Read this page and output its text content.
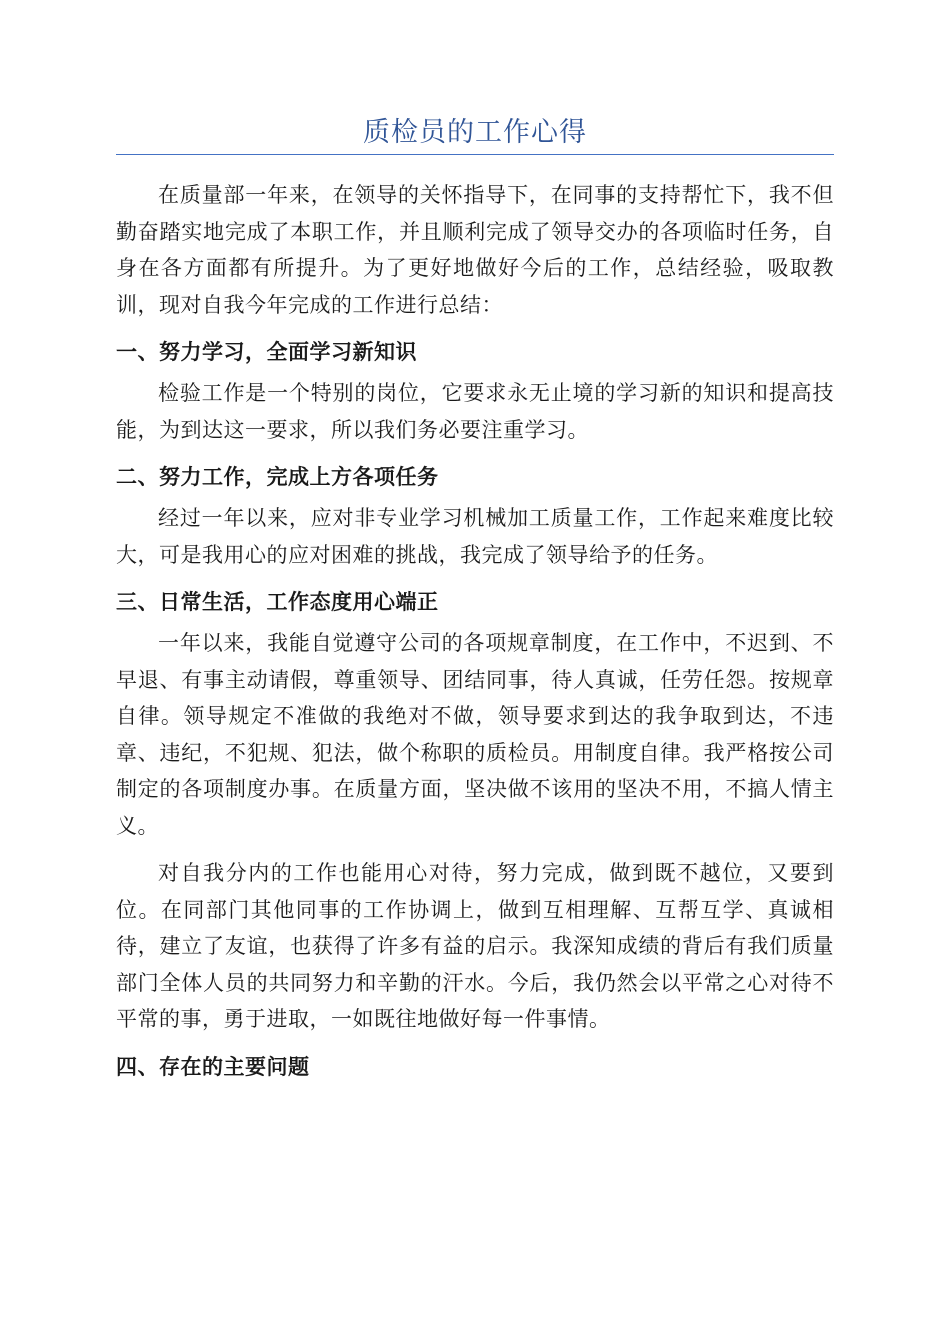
质检员的工作心得

在质量部一年来，在领导的关怀指导下，在同事的支持帮忙下，我不但勤奋踏实地完成了本职工作，并且顺利完成了领导交办的各项临时任务，自身在各方面都有所提升。为了更好地做好今后的工作，总结经验，吸取教训，现对自我今年完成的工作进行总结：

一、努力学习，全面学习新知识

检验工作是一个特别的岗位，它要求永无止境的学习新的知识和提高技能，为到达这一要求，所以我们务必要注重学习。

二、努力工作，完成上方各项任务

经过一年以来，应对非专业学习机械加工质量工作，工作起来难度比较大，可是我用心的应对困难的挑战，我完成了领导给予的任务。

三、日常生活，工作态度用心端正

一年以来，我能自觉遵守公司的各项规章制度，在工作中，不迟到、不早退、有事主动请假，尊重领导、团结同事，待人真诚，任劳任怨。按规章自律。领导规定不准做的我绝对不做，领导要求到达的我争取到达，不违章、违纪，不犯规、犯法，做个称职的质检员。用制度自律。我严格按公司制定的各项制度办事。在质量方面，坚决做不该用的坚决不用，不搞人情主义。

对自我分内的工作也能用心对待，努力完成，做到既不越位，又要到位。在同部门其他同事的工作协调上，做到互相理解、互帮互学、真诚相待，建立了友谊，也获得了许多有益的启示。我深知成绩的背后有我们质量部门全体人员的共同努力和辛勤的汗水。今后，我仍然会以平常之心对待不平常的事，勇于进取，一如既往地做好每一件事情。

四、存在的主要问题
